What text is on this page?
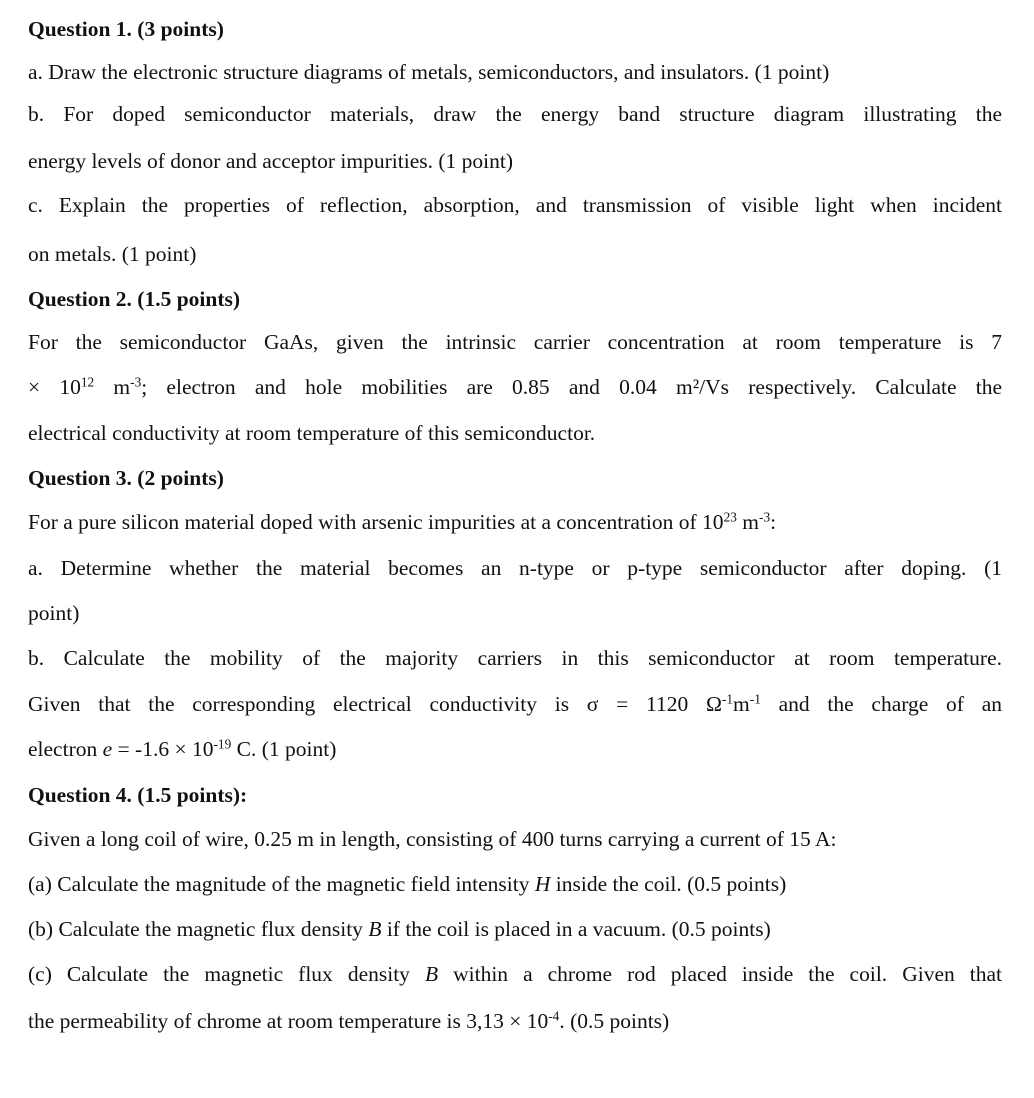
Question 1. (3 points)
a. Draw the electronic structure diagrams of metals, semiconductors, and insulators. (1 point)
b. For doped semiconductor materials, draw the energy band structure diagram illustrating the
energy levels of donor and acceptor impurities. (1 point)
c. Explain the properties of reflection, absorption, and transmission of visible light when incident
on metals. (1 point)
Question 2. (1.5 points)
For the semiconductor GaAs, given the intrinsic carrier concentration at room temperature is 7
× $10^{12}$ $m^{-3}$; electron and hole mobilities are 0.85 and 0.04 m²/Vs respectively. Calculate the
electrical conductivity at room temperature of this semiconductor.
Question 3. (2 points)
For a pure silicon material doped with arsenic impurities at a concentration of $10^{23}$ $m^{-3}$:
a. Determine whether the material becomes an n-type or p-type semiconductor after doping. (1
point)
b. Calculate the mobility of the majority carriers in this semiconductor at room temperature.
Given that the corresponding electrical conductivity is σ = 1120 $\Omega^{-1}m^{-1}$ and the charge of an
electron $e = -1.6 \times 10^{-19}$ C. (1 point)
Question 4. (1.5 points):
Given a long coil of wire, 0.25 m in length, consisting of 400 turns carrying a current of 15 A:
(a) Calculate the magnitude of the magnetic field intensity H inside the coil. (0.5 points)
(b) Calculate the magnetic flux density B if the coil is placed in a vacuum. (0.5 points)
(c) Calculate the magnetic flux density B within a chrome rod placed inside the coil. Given that
the permeability of chrome at room temperature is $3,13 \times 10^{-4}$. (0.5 points)
